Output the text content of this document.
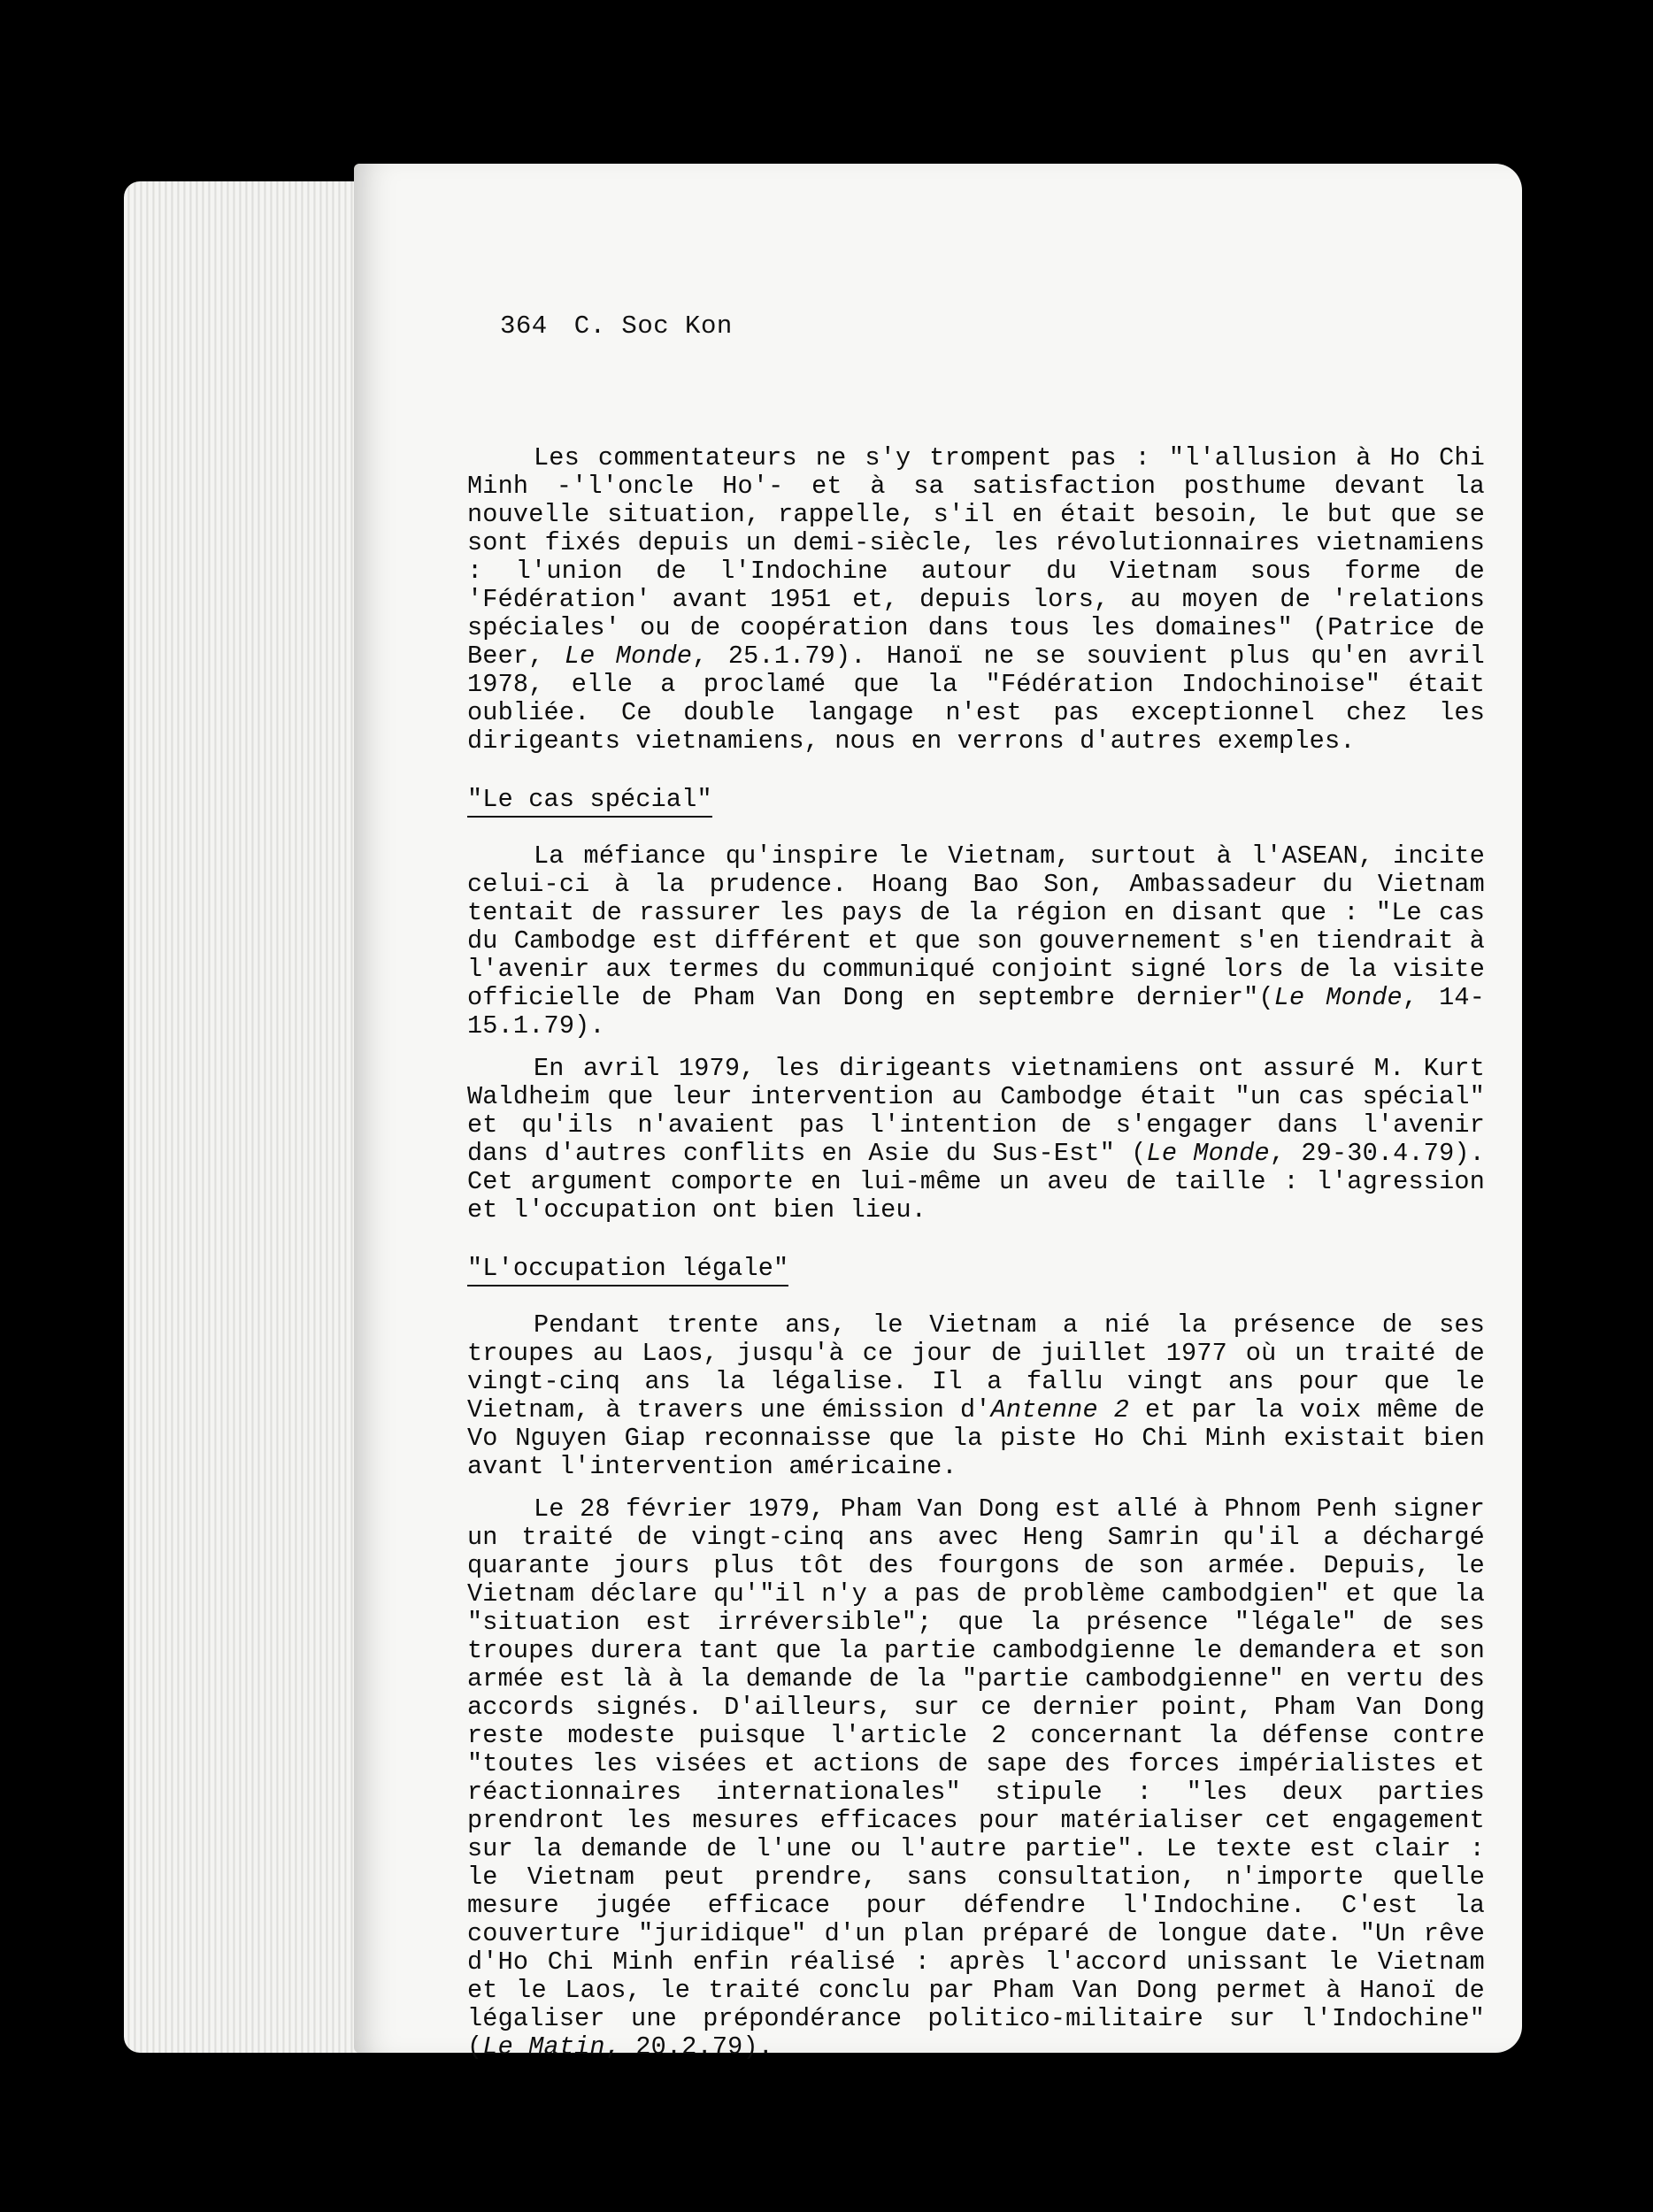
364 C. Soc Kon

Les commentateurs ne s'y trompent pas : "l'allusion à Ho Chi Minh -'l'oncle Ho'- et à sa satisfaction posthume devant la nouvelle situation, rappelle, s'il en était besoin, le but que se sont fixés depuis un demi-siècle, les révolutionnaires vietnamiens : l'union de l'Indochine autour du Vietnam sous forme de 'Fédération' avant 1951 et, depuis lors, au moyen de 'relations spéciales' ou de coopération dans tous les domaines" (Patrice de Beer, Le Monde, 25.1.79). Hanoï ne se souvient plus qu'en avril 1978, elle a proclamé que la "Fédération Indochinoise" était oubliée. Ce double langage n'est pas exceptionnel chez les dirigeants vietnamiens, nous en verrons d'autres exemples.

"Le cas spécial"

La méfiance qu'inspire le Vietnam, surtout à l'ASEAN, incite celui-ci à la prudence. Hoang Bao Son, Ambassadeur du Vietnam tentait de rassurer les pays de la région en disant que : "Le cas du Cambodge est différent et que son gouvernement s'en tiendrait à l'avenir aux termes du communiqué conjoint signé lors de la visite officielle de Pham Van Dong en septembre dernier"(Le Monde, 14-15.1.79).

En avril 1979, les dirigeants vietnamiens ont assuré M. Kurt Waldheim que leur intervention au Cambodge était "un cas spécial" et qu'ils n'avaient pas l'intention de s'engager dans l'avenir dans d'autres conflits en Asie du Sus-Est" (Le Monde, 29-30.4.79). Cet argument comporte en lui-même un aveu de taille : l'agression et l'occupation ont bien lieu.

"L'occupation légale"

Pendant trente ans, le Vietnam a nié la présence de ses troupes au Laos, jusqu'à ce jour de juillet 1977 où un traité de vingt-cinq ans la légalise. Il a fallu vingt ans pour que le Vietnam, à travers une émission d'Antenne 2 et par la voix même de Vo Nguyen Giap reconnaisse que la piste Ho Chi Minh existait bien avant l'intervention américaine.

Le 28 février 1979, Pham Van Dong est allé à Phnom Penh signer un traité de vingt-cinq ans avec Heng Samrin qu'il a déchargé quarante jours plus tôt des fourgons de son armée. Depuis, le Vietnam déclare qu'"il n'y a pas de problème cambodgien" et que la "situation est irréversible"; que la présence "légale" de ses troupes durera tant que la partie cambodgienne le demandera et son armée est là à la demande de la "partie cambodgienne" en vertu des accords signés. D'ailleurs, sur ce dernier point, Pham Van Dong reste modeste puisque l'article 2 concernant la défense contre "toutes les visées et actions de sape des forces impérialistes et réactionnaires internationales" stipule : "les deux parties prendront les mesures efficaces pour matérialiser cet engagement sur la demande de l'une ou l'autre partie". Le texte est clair : le Vietnam peut prendre, sans consultation, n'importe quelle mesure jugée efficace pour défendre l'Indochine. C'est la couverture "juridique" d'un plan préparé de longue date. "Un rêve d'Ho Chi Minh enfin réalisé : après l'accord unissant le Vietnam et le Laos, le traité conclu par Pham Van Dong permet à Hanoï de légaliser une prépondérance politico-militaire sur l'Indochine" (Le Matin, 20.2.79).
